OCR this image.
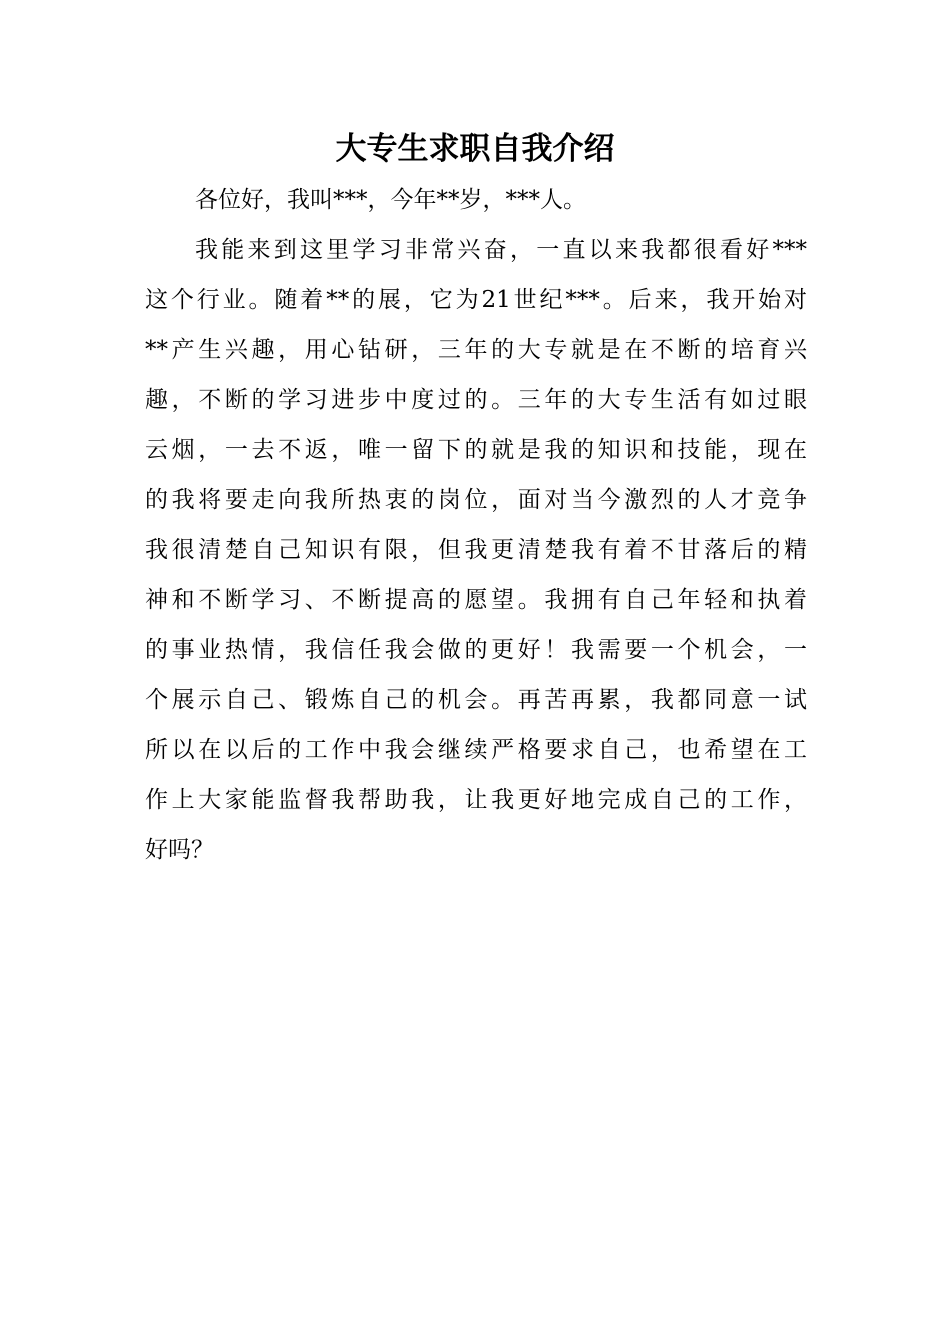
大专生求职自我介绍
各位好，我叫***，今年**岁，***人。
我能来到这里学习非常兴奋，一直以来我都很看好***
这个行业。随着**的展，它为21世纪***。后来，我开始对
**产生兴趣，用心钻研，三年的大专就是在不断的培育兴
趣，不断的学习进步中度过的。三年的大专生活有如过眼
云烟，一去不返，唯一留下的就是我的知识和技能，现在
的我将要走向我所热衷的岗位，面对当今激烈的人才竞争
我很清楚自己知识有限，但我更清楚我有着不甘落后的精
神和不断学习、不断提高的愿望。我拥有自己年轻和执着
的事业热情，我信任我会做的更好！我需要一个机会，一
个展示自己、锻炼自己的机会。再苦再累，我都同意一试
所以在以后的工作中我会继续严格要求自己，也希望在工
作上大家能监督我帮助我，让我更好地完成自己的工作，
好吗？
